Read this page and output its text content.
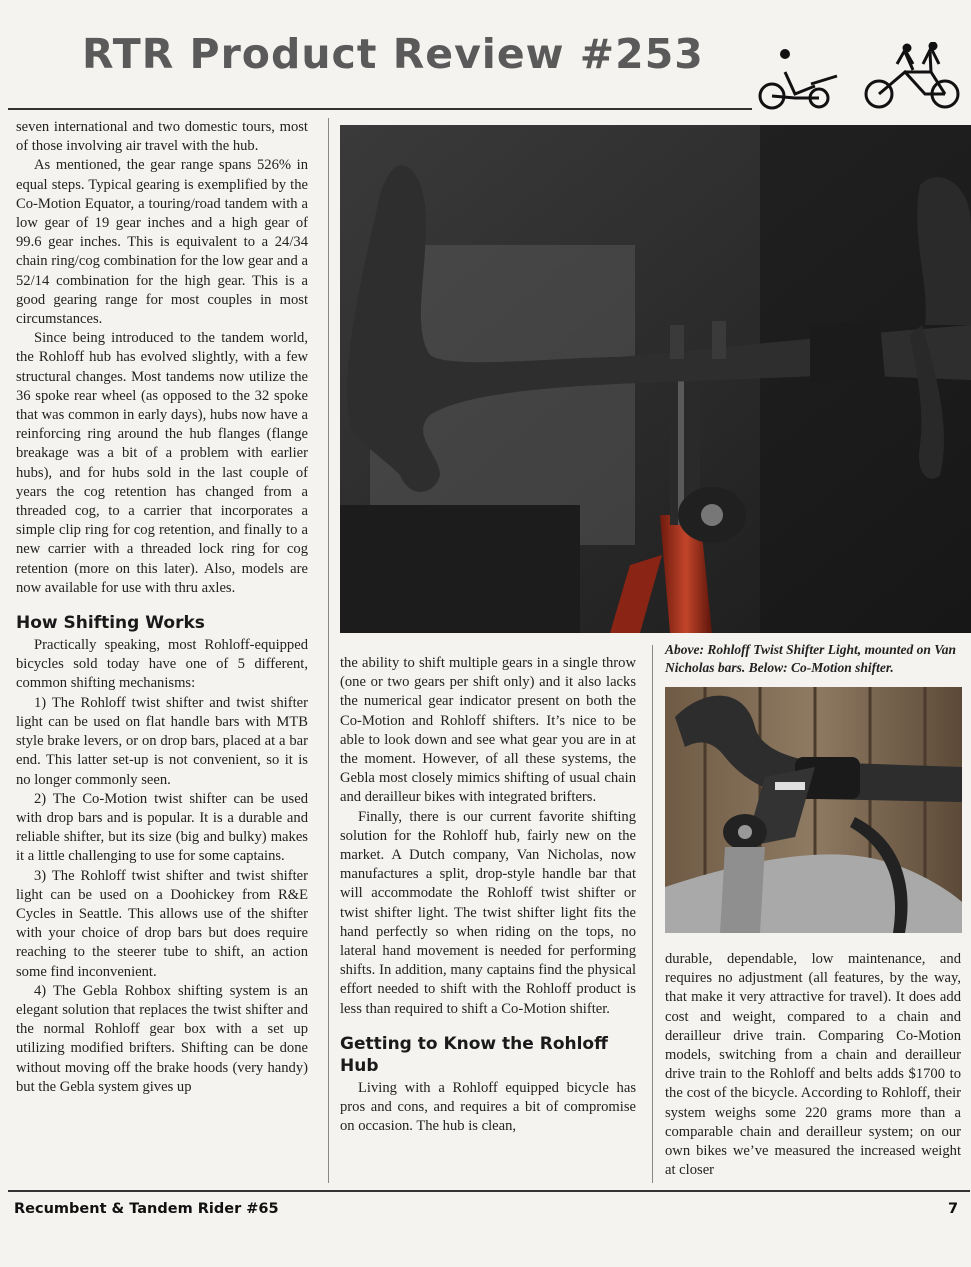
RTR Product Review #253

seven international and two domestic tours, most of those involving air travel with the hub.

As mentioned, the gear range spans 526% in equal steps. Typical gearing is exemplified by the Co-Motion Equator, a touring/road tandem with a low gear of 19 gear inches and a high gear of 99.6 gear inches. This is equivalent to a 24/34 chain ring/cog combination for the low gear and a 52/14 combination for the high gear. This is a good gearing range for most couples in most circumstances.

Since being introduced to the tandem world, the Rohloff hub has evolved slightly, with a few structural changes. Most tandems now utilize the 36 spoke rear wheel (as opposed to the 32 spoke that was common in early days), hubs now have a reinforcing ring around the hub flanges (flange breakage was a bit of a problem with earlier hubs), and for hubs sold in the last couple of years the cog retention has changed from a threaded cog, to a carrier that incorporates a simple clip ring for cog retention, and finally to a new carrier with a threaded lock ring for cog retention (more on this later). Also, models are now available for use with thru axles.

How Shifting Works

Practically speaking, most Rohloff-equipped bicycles sold today have one of 5 different, common shifting mechanisms:

1) The Rohloff twist shifter and twist shifter light can be used on flat handle bars with MTB style brake levers, or on drop bars, placed at a bar end. This latter set-up is not convenient, so it is no longer commonly seen.

2) The Co-Motion twist shifter can be used with drop bars and is popular. It is a durable and reliable shifter, but its size (big and bulky) makes it a little challenging to use for some captains.

3) The Rohloff twist shifter and twist shifter light can be used on a Doohickey from R&E Cycles in Seattle. This allows use of the shifter with your choice of drop bars but does require reaching to the steerer tube to shift, an action some find inconvenient.

4) The Gebla Rohbox shifting system is an elegant solution that replaces the twist shifter and the normal Rohloff gear box with a set up utilizing modified brifters. Shifting can be done without moving off the brake hoods (very handy) but the Gebla system gives up

the ability to shift multiple gears in a single throw (one or two gears per shift only) and it also lacks the numerical gear indicator present on both the Co-Motion and Rohloff shifters. It’s nice to be able to look down and see what gear you are in at the moment. However, of all these systems, the Gebla most closely mimics shifting of usual chain and derailleur bikes with integrated brifters.

Finally, there is our current favorite shifting solution for the Rohloff hub, fairly new on the market. A Dutch company, Van Nicholas, now manufactures a split, drop-style handle bar that will accommodate the Rohloff twist shifter or twist shifter light. The twist shifter light fits the hand perfectly so when riding on the tops, no lateral hand movement is needed for performing shifts. In addition, many captains find the physical effort needed to shift with the Rohloff product is less than required to shift a Co-Motion shifter.

Getting to Know the Rohloff Hub

Living with a Rohloff equipped bicycle has pros and cons, and requires a bit of compromise on occasion. The hub is clean,

Above: Rohloff Twist Shifter Light, mounted on Van Nicholas bars. Below: Co-Motion shifter.

durable, dependable, low maintenance, and requires no adjustment (all features, by the way, that make it very attractive for travel). It does add cost and weight, compared to a chain and derailleur drive train. Comparing Co-Motion models, switching from a chain and derailleur drive train to the Rohloff and belts adds $1700 to the cost of the bicycle. According to Rohloff, their system weighs some 220 grams more than a comparable chain and derailleur system; on our own bikes we’ve measured the increased weight at closer

Recumbent & Tandem Rider #65	7
